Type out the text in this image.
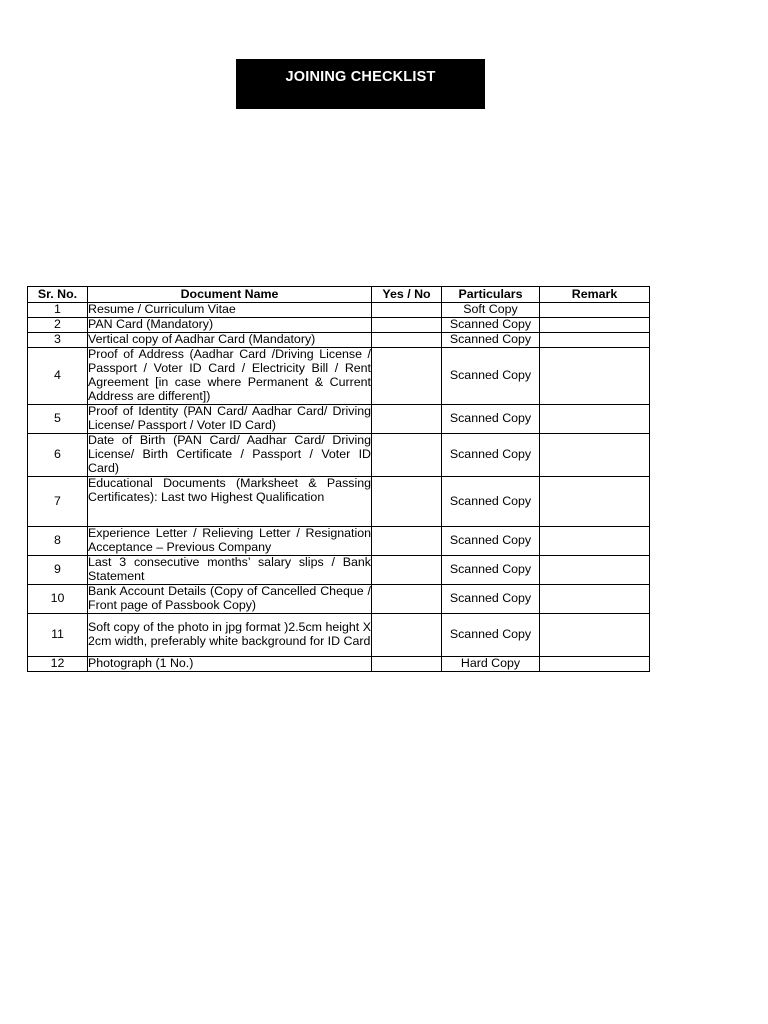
JOINING CHECKLIST
Sr. No.	Document Name	Yes / No	Particulars	Remark
1	Resume / Curriculum Vitae		Soft Copy	
2	PAN Card (Mandatory)		Scanned Copy	
3	Vertical copy of Aadhar Card (Mandatory)		Scanned Copy	
4	Proof of Address (Aadhar Card /Driving License / Passport / Voter ID Card / Electricity Bill / Rent Agreement [in case where Permanent & Current Address are different])		Scanned Copy	
5	Proof of Identity (PAN Card/ Aadhar Card/ Driving License/ Passport / Voter ID Card)		Scanned Copy	
6	Date of Birth (PAN Card/ Aadhar Card/ Driving License/ Birth Certificate / Passport / Voter ID Card)		Scanned Copy	
7	Educational Documents (Marksheet & Passing Certificates): Last two Highest Qualification		Scanned Copy	
8	Experience Letter / Relieving Letter / Resignation Acceptance – Previous Company		Scanned Copy	
9	Last 3 consecutive months’ salary slips / Bank Statement		Scanned Copy	
10	Bank Account Details (Copy of Cancelled Cheque / Front page of Passbook Copy)		Scanned Copy	
11	Soft copy of the photo in jpg format )2.5cm height X 2cm width, preferably white background for ID Card		Scanned Copy	
12	Photograph (1 No.)		Hard Copy	
